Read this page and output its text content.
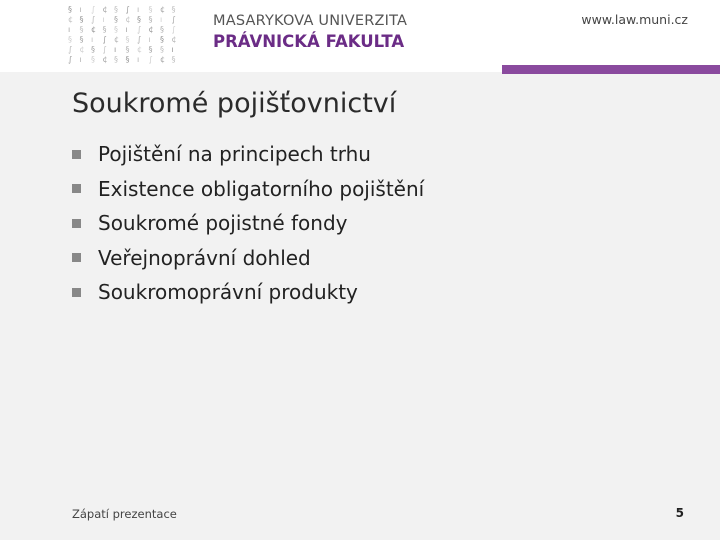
§ ı ∫ ¢ § ∫ ı § ¢ §
¢ § ∫ ı § ¢ § § ı ∫
ı § ¢ § § ı ∫ ¢ § ∫
§ § ı ∫ ¢ § ∫ ı § ¢
∫ ¢ § ∫ ı § ¢ § § ı
∫ ı § ¢ § § ı ∫ ¢ §
MASARYKOVA UNIVERZITA
PRÁVNICKÁ FAKULTA
www.law.muni.cz
Soukromé pojišťovnictví
Pojištění na principech trhu
Existence obligatorního pojištění
Soukromé pojistné fondy
Veřejnoprávní dohled
Soukromoprávní produkty
Zápatí prezentace	5
